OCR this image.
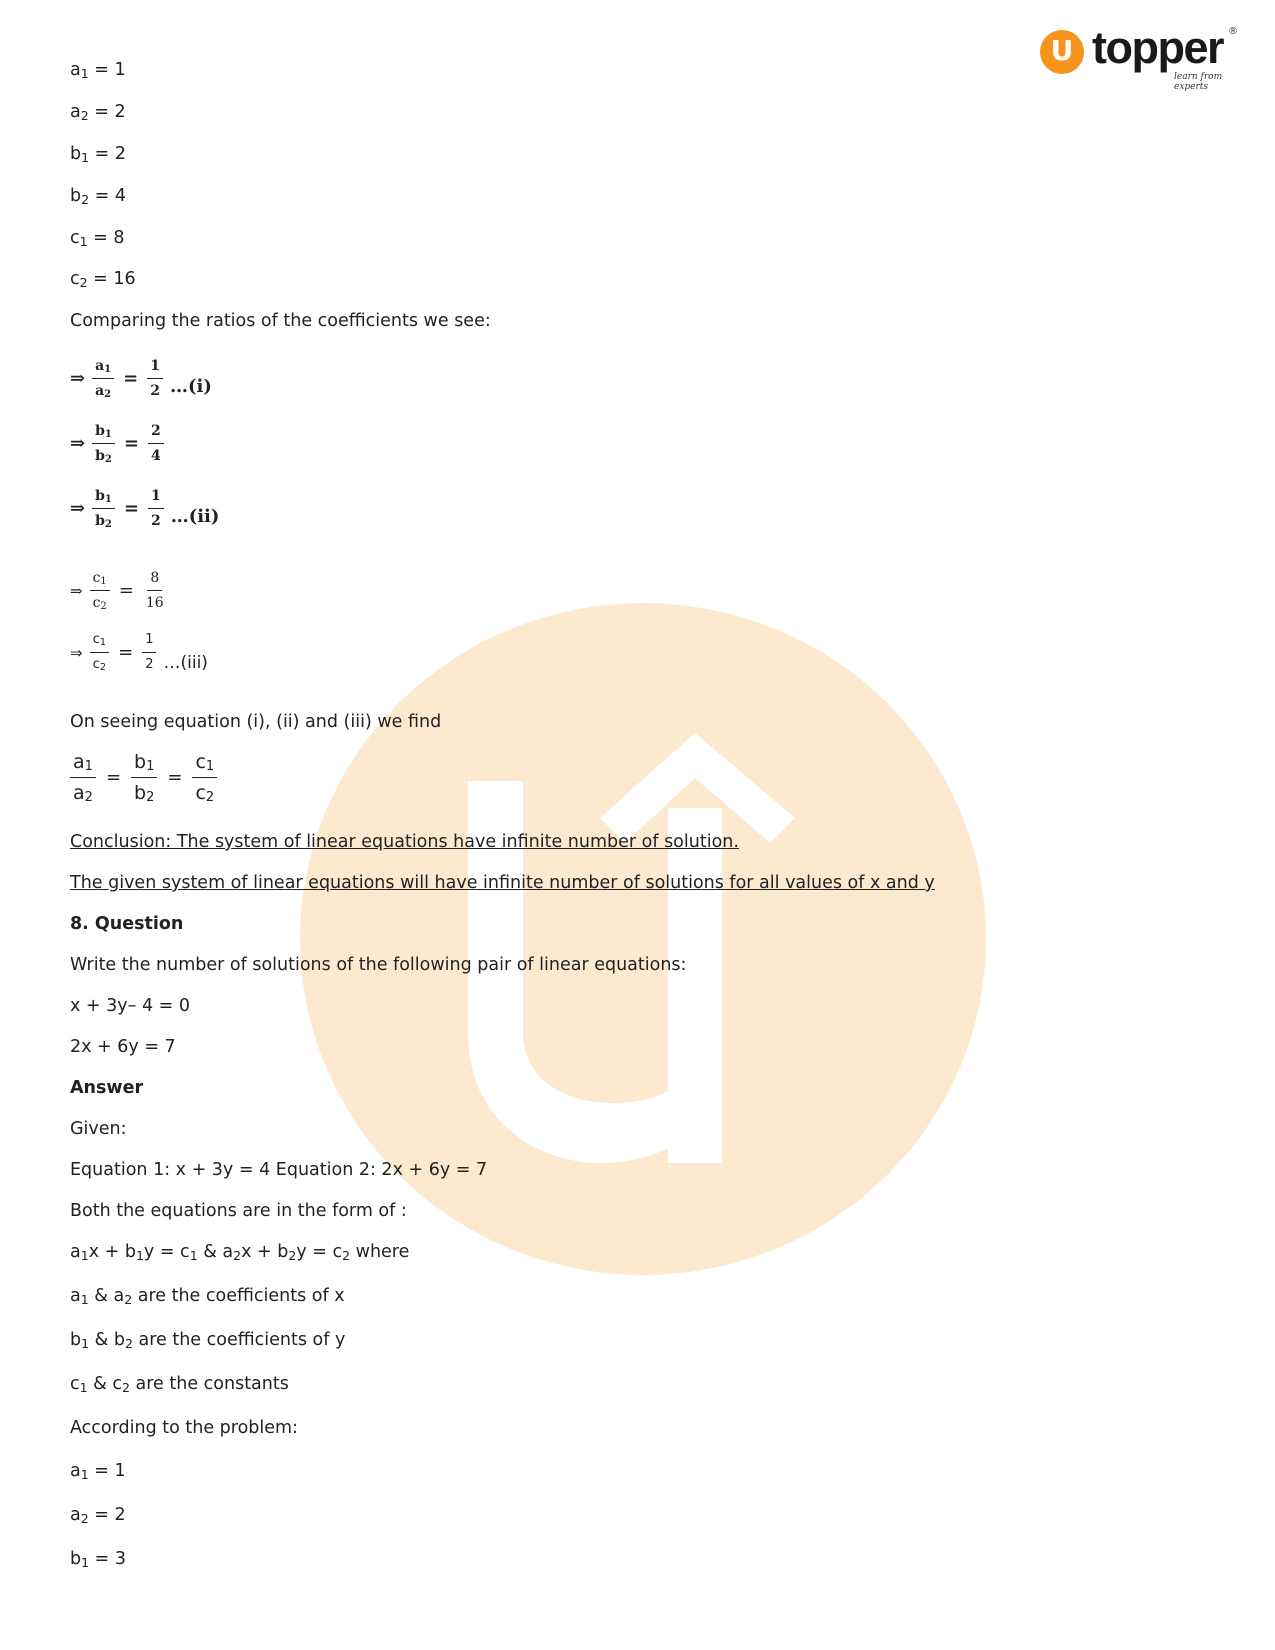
U topper
learn from experts
®
$a_1 = 1$
$a_2 = 2$
$b_1 = 2$
$b_2 = 4$
$c_1 = 8$
$c_2 = 16$
Comparing the ratios of the coefficients we see:
⇒ $\frac{a_1}{a_2} = \frac{1}{2}$ …(i)
⇒ $\frac{b_1}{b_2} = \frac{2}{4}$
⇒ $\frac{b_1}{b_2} = \frac{1}{2}$ …(ii)
⇒ $\frac{c_1}{c_2} = \frac{8}{16}$
⇒ $\frac{c_1}{c_2} = \frac{1}{2}$ …(iii)
On seeing equation (i), (ii) and (iii) we find
$\frac{a_1}{a_2} = \frac{b_1}{b_2} = \frac{c_1}{c_2}$
Conclusion: The system of linear equations have infinite number of solution.
The given system of linear equations will have infinite number of solutions for all values of x and y
8. Question
Write the number of solutions of the following pair of linear equations:
x + 3y– 4 = 0
2x + 6y = 7
Answer
Given:
Equation 1: x + 3y = 4 Equation 2: 2x + 6y = 7
Both the equations are in the form of :
$a_1x + b_1y = c_1$ & $a_2x + b_2y = c_2$ where
$a_1$ & $a_2$ are the coefficients of x
$b_1$ & $b_2$ are the coefficients of y
$c_1$ & $c_2$ are the constants
According to the problem:
$a_1 = 1$
$a_2 = 2$
$b_1 = 3$
